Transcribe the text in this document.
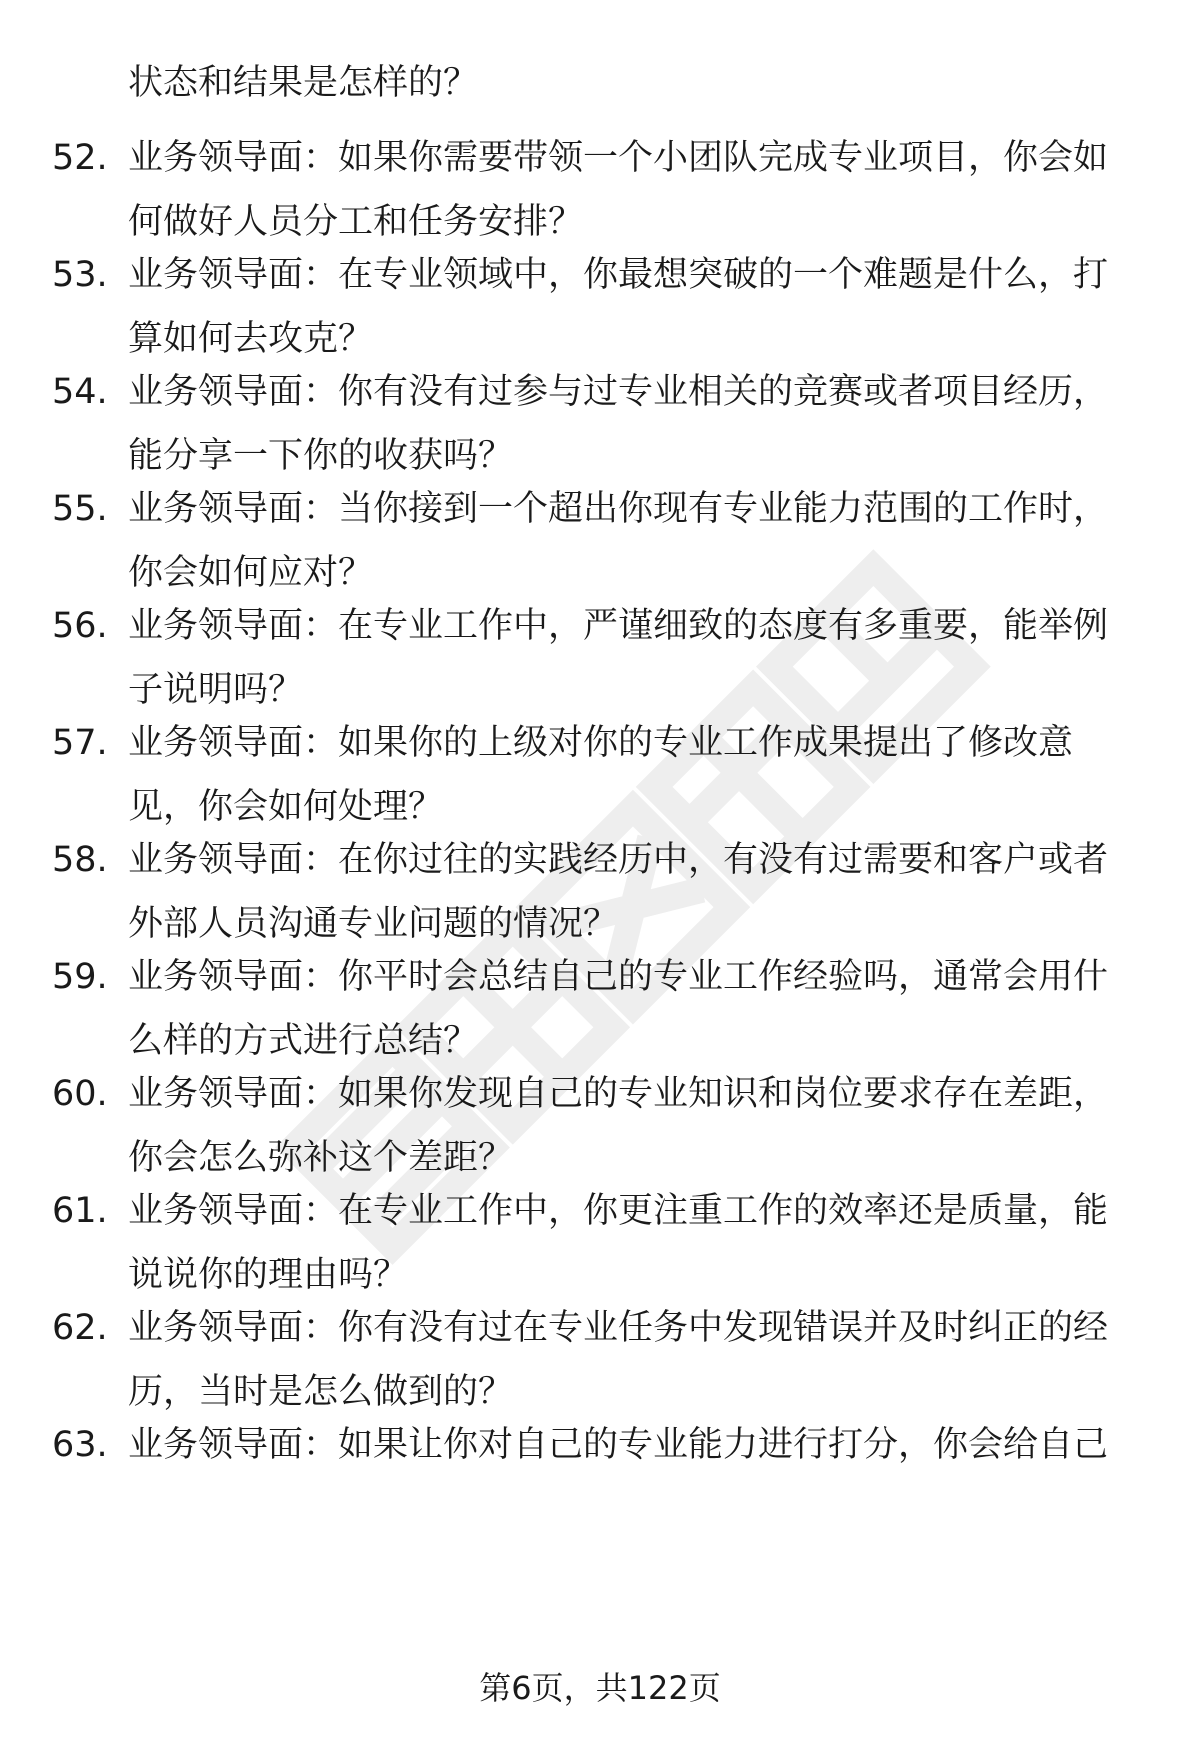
状态和结果是怎样的？
52. 业务领导面：如果你需要带领一个小团队完成专业项目，你会如
何做好人员分工和任务安排？
53. 业务领导面：在专业领域中，你最想突破的一个难题是什么，打
算如何去攻克？
54. 业务领导面：你有没有过参与过专业相关的竞赛或者项目经历，
能分享一下你的收获吗？
55. 业务领导面：当你接到一个超出你现有专业能力范围的工作时，
你会如何应对？
56. 业务领导面：在专业工作中，严谨细致的态度有多重要，能举例
子说明吗？
57. 业务领导面：如果你的上级对你的专业工作成果提出了修改意
见，你会如何处理？
58. 业务领导面：在你过往的实践经历中，有没有过需要和客户或者
外部人员沟通专业问题的情况？
59. 业务领导面：你平时会总结自己的专业工作经验吗，通常会用什
么样的方式进行总结？
60. 业务领导面：如果你发现自己的专业知识和岗位要求存在差距，
你会怎么弥补这个差距？
61. 业务领导面：在专业工作中，你更注重工作的效率还是质量，能
说说你的理由吗？
62. 业务领导面：你有没有过在专业任务中发现错误并及时纠正的经
历，当时是怎么做到的？
63. 业务领导面：如果让你对自己的专业能力进行打分，你会给自己
第6页，共122页
